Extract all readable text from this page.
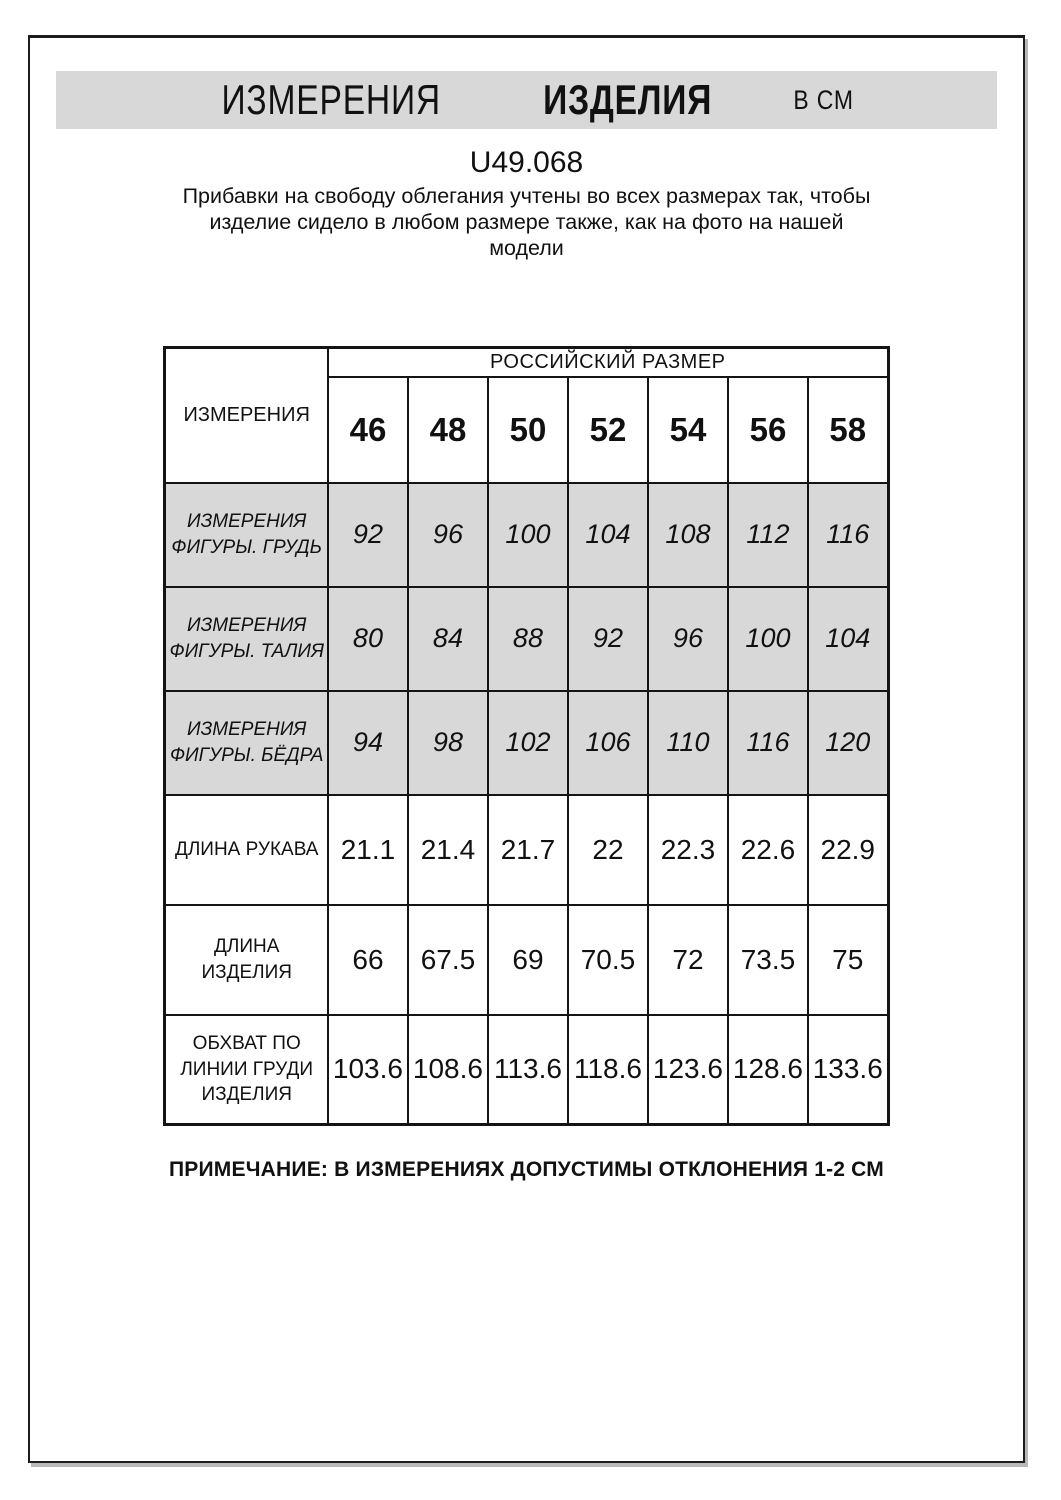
ИЗМЕРЕНИЯ ИЗДЕЛИЯ	В СМ
U49.068
Прибавки на свободу облегания учтены во всех размерах так, чтобы изделие сидело в любом размере также, как на фото на нашей модели
ИЗМЕРЕНИЯ	РОССИЙСКИЙ РАЗМЕР						
	46	48	50	52	54	56	58
ИЗМЕРЕНИЯ ФИГУРЫ. ГРУДЬ	92	96	100	104	108	112	116
ИЗМЕРЕНИЯ ФИГУРЫ. ТАЛИЯ	80	84	88	92	96	100	104
ИЗМЕРЕНИЯ ФИГУРЫ. БЁДРА	94	98	102	106	110	116	120
ДЛИНА РУКАВА	21.1	21.4	21.7	22	22.3	22.6	22.9
ДЛИНА ИЗДЕЛИЯ	66	67.5	69	70.5	72	73.5	75
ОБХВАТ ПО ЛИНИИ ГРУДИ ИЗДЕЛИЯ	103.6	108.6	113.6	118.6	123.6	128.6	133.6
ПРИМЕЧАНИЕ: В ИЗМЕРЕНИЯХ ДОПУСТИМЫ ОТКЛОНЕНИЯ 1-2 СМ
